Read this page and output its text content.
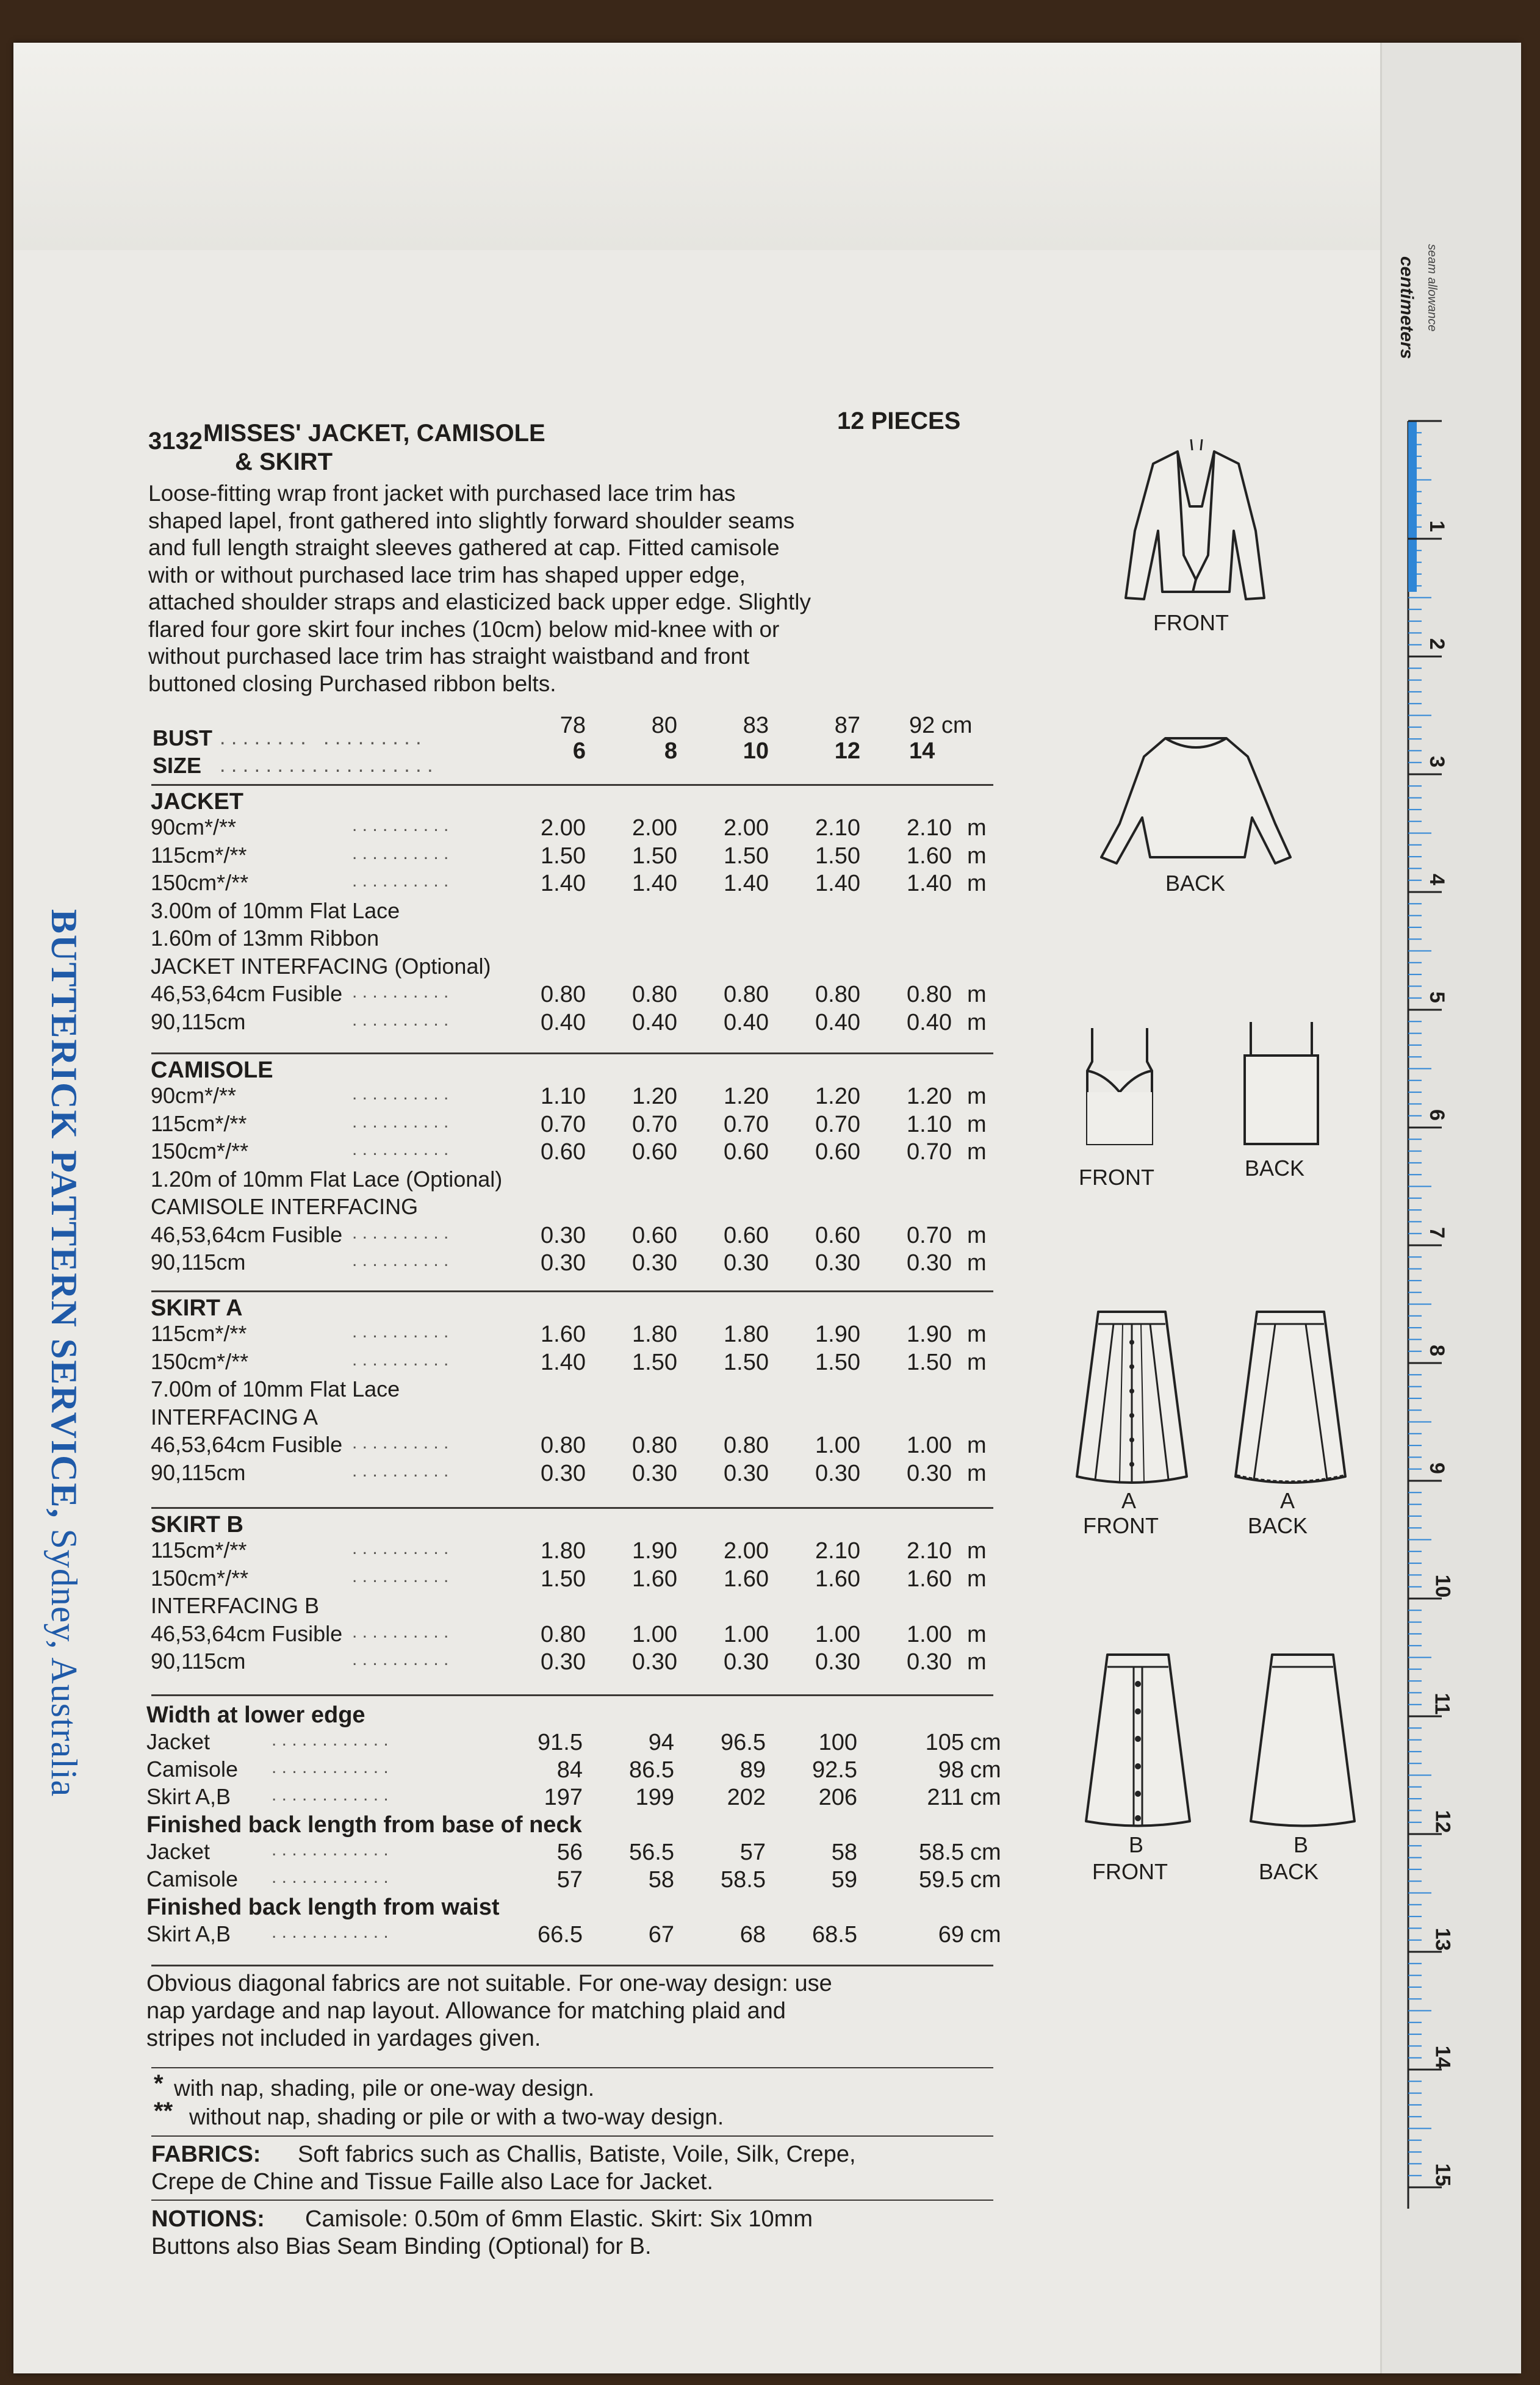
BUTTERICK PATTERN SERVICE, Sydney, Australia
3132 MISSES' JACKET, CAMISOLE
& SKIRT
12 PIECES
Loose-fitting wrap front jacket with purchased lace trim has
shaped lapel, front gathered into slightly forward shoulder seams
and full length straight sleeves gathered at cap. Fitted camisole
with or without purchased lace trim has shaped upper edge,
attached shoulder straps and elasticized back upper edge. Slightly
flared four gore skirt four inches (10cm) below mid-knee with or
without purchased lace trim has straight waistband and front
buttoned closing Purchased ribbon belts.
BUST
SIZE
. . . . . . . .   . . . . . . . . .
. . . . . . . . . . . . . . . . . . .
78	80	83	87 92 cm
6	8	10	12 14
JACKET
90cm*/**	. . . . . . . . . .	2.00	2.00	2.00	2.10	2.10 m
115cm*/**	. . . . . . . . . .	1.50	1.50	1.50	1.50	1.60 m
150cm*/**	. . . . . . . . . .	1.40	1.40	1.40	1.40	1.40 m
3.00m of 10mm Flat Lace
1.60m of 13mm Ribbon
JACKET INTERFACING (Optional)
46,53,64cm Fusible . . . . . . . . . .	0.80	0.80	0.80	0.80	0.80 m
90,115cm	. . . . . . . . . .	0.40	0.40	0.40	0.40	0.40 m
CAMISOLE
90cm*/**	. . . . . . . . . .	1.10	1.20	1.20	1.20	1.20 m
115cm*/**	. . . . . . . . . .	0.70	0.70	0.70	0.70	1.10 m
150cm*/**	. . . . . . . . . .	0.60	0.60	0.60	0.60	0.70 m
1.20m of 10mm Flat Lace (Optional)
CAMISOLE INTERFACING
46,53,64cm Fusible . . . . . . . . . .	0.30	0.60	0.60	0.60	0.70 m
90,115cm	. . . . . . . . . .	0.30	0.30	0.30	0.30	0.30 m
SKIRT A
115cm*/**	. . . . . . . . . .	1.60	1.80	1.80	1.90	1.90 m
150cm*/**	. . . . . . . . . .	1.40	1.50	1.50	1.50	1.50 m
7.00m of 10mm Flat Lace
INTERFACING A
46,53,64cm Fusible . . . . . . . . . .	0.80	0.80	0.80	1.00	1.00 m
90,115cm	. . . . . . . . . .	0.30	0.30	0.30	0.30	0.30 m
SKIRT B
115cm*/**	. . . . . . . . . .	1.80	1.90	2.00	2.10	2.10 m
150cm*/**	. . . . . . . . . .	1.50	1.60	1.60	1.60	1.60 m
INTERFACING B
46,53,64cm Fusible . . . . . . . . . .	0.80	1.00	1.00	1.00	1.00 m
90,115cm	. . . . . . . . . .	0.30	0.30	0.30	0.30	0.30 m
Width at lower edge
Jacket	. . . . . . . . . . . .	91.5	94	96.5	100	105 cm
Camisole . . . . . . . . . . . .	84	86.5	89	92.5	98 cm
Skirt A,B . . . . . . . . . . . .	197	199	202	206	211 cm
Finished back length from base of neck
Jacket	. . . . . . . . . . . .	56	56.5	57	58	58.5 cm
Camisole . . . . . . . . . . . .	57	58	58.5	59	59.5 cm
Finished back length from waist
Skirt A,B . . . . . . . . . . . .	66.5	67	68	68.5	69 cm
Obvious diagonal fabrics are not suitable. For one-way design: use
nap yardage and nap layout. Allowance for matching plaid and
stripes not included in yardages given.
* with nap, shading, pile or one-way design.
** without nap, shading or pile or with a two-way design.
FABRICS: Soft fabrics such as Challis, Batiste, Voile, Silk, Crepe,
Crepe de Chine and Tissue Faille also Lace for Jacket.
NOTIONS: Camisole: 0.50m of 6mm Elastic. Skirt: Six 10mm
Buttons also Bias Seam Binding (Optional) for B.
FRONT
BACK
FRONT	BACK
A
FRONT
A
BACK
B
FRONT
B
BACK
centimeters seam allowance
1
2
3
4
5
6
7
8
9
10
11
12
13
14
15
